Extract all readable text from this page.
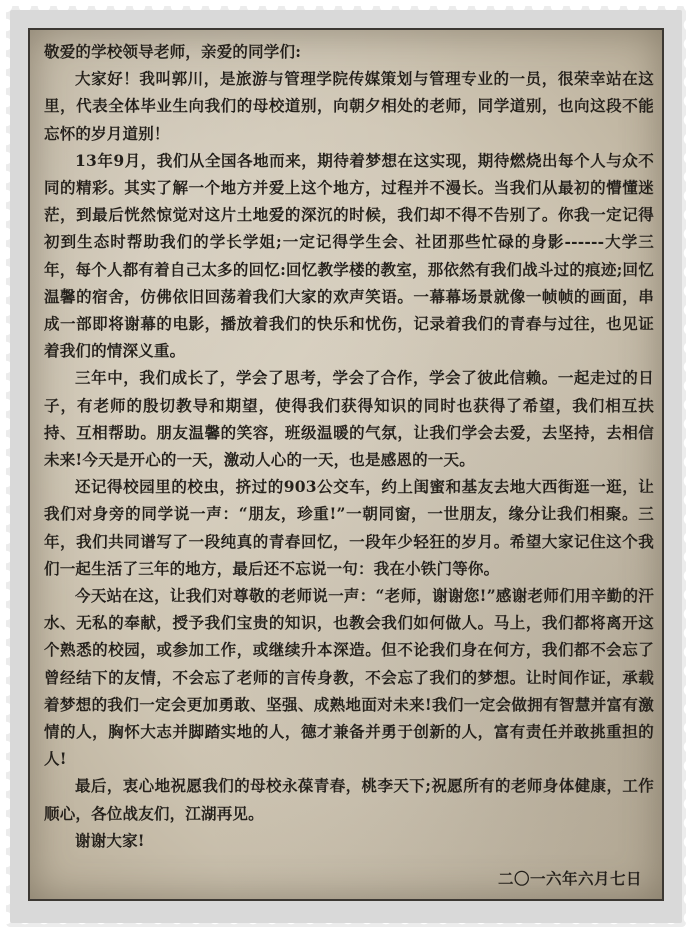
敬爱的学校领导老师，亲爱的同学们:

大家好！我叫郭川，是旅游与管理学院传媒策划与管理专业的一员，很荣幸站在这里，代表全体毕业生向我们的母校道别，向朝夕相处的老师，同学道别，也向这段不能忘怀的岁月道别！

13年9月，我们从全国各地而来，期待着梦想在这实现，期待燃烧出每个人与众不同的精彩。其实了解一个地方并爱上这个地方，过程并不漫长。当我们从最初的懵懂迷茫，到最后恍然惊觉对这片土地爱的深沉的时候，我们却不得不告别了。你我一定记得初到生态时帮助我们的学长学姐;一定记得学生会、社团那些忙碌的身影------大学三年，每个人都有着自己太多的回忆:回忆教学楼的教室，那依然有我们战斗过的痕迹;回忆温馨的宿舍，仿佛依旧回荡着我们大家的欢声笑语。一幕幕场景就像一帧帧的画面，串成一部即将谢幕的电影，播放着我们的快乐和忧伤，记录着我们的青春与过往，也见证着我们的情深义重。

三年中，我们成长了，学会了思考，学会了合作，学会了彼此信赖。一起走过的日子，有老师的殷切教导和期望，使得我们获得知识的同时也获得了希望，我们相互扶持、互相帮助。朋友温馨的笑容，班级温暖的气氛，让我们学会去爱，去坚持，去相信未来!今天是开心的一天，激动人心的一天，也是感恩的一天。

还记得校园里的校虫，挤过的903公交车，约上闺蜜和基友去地大西街逛一逛，让我们对身旁的同学说一声：“朋友，珍重!”一朝同窗，一世朋友，缘分让我们相聚。三年，我们共同谱写了一段纯真的青春回忆，一段年少轻狂的岁月。希望大家记住这个我们一起生活了三年的地方，最后还不忘说一句：我在小铁门等你。

今天站在这，让我们对尊敬的老师说一声：“老师，谢谢您!”感谢老师们用辛勤的汗水、无私的奉献，授予我们宝贵的知识，也教会我们如何做人。马上，我们都将离开这个熟悉的校园，或参加工作，或继续升本深造。但不论我们身在何方，我们都不会忘了曾经结下的友情，不会忘了老师的言传身教，不会忘了我们的梦想。让时间作证，承载着梦想的我们一定会更加勇敢、坚强、成熟地面对未来!我们一定会做拥有智慧并富有激情的人，胸怀大志并脚踏实地的人，德才兼备并勇于创新的人，富有责任并敢挑重担的人!

最后，衷心地祝愿我们的母校永葆青春，桃李天下;祝愿所有的老师身体健康，工作顺心，各位战友们，江湖再见。

谢谢大家!

二〇一六年六月七日
